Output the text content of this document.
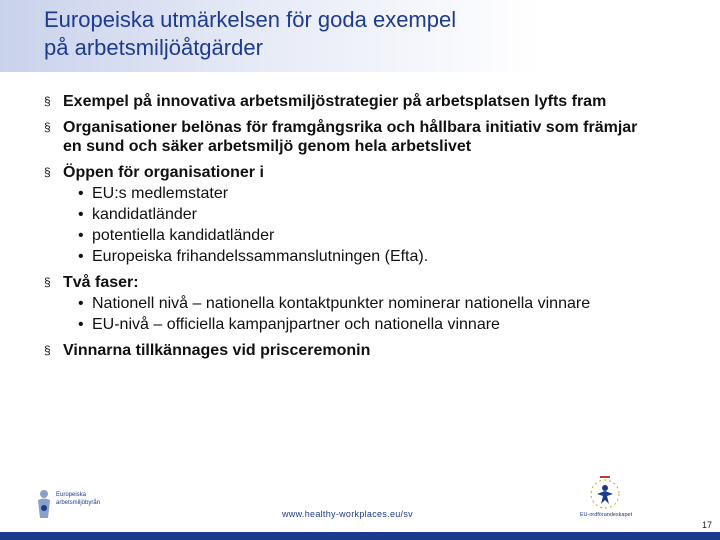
Europeiska utmärkelsen för goda exempel
på arbetsmiljöåtgärder
§ Exempel på innovativa arbetsmiljöstrategier på arbetsplatsen lyfts fram
§ Organisationer belönas för framgångsrika och hållbara initiativ som främjar en sund och säker arbetsmiljö genom hela arbetslivet
§ Öppen för organisationer i
• EU:s medlemstater
• kandidatländer
• potentiella kandidatländer
• Europeiska frihandelssammanslutningen (Efta).
§ Två faser:
• Nationell nivå – nationella kontaktpunkter nominerar nationella vinnare
• EU-nivå – officiella kampanjpartner och nationella vinnare
§ Vinnarna tillkännages vid prisceremonin
Europeiska
arbetsmiljöbyrån
www.healthy-workplaces.eu/sv	EU-ordförandeskapet
17
